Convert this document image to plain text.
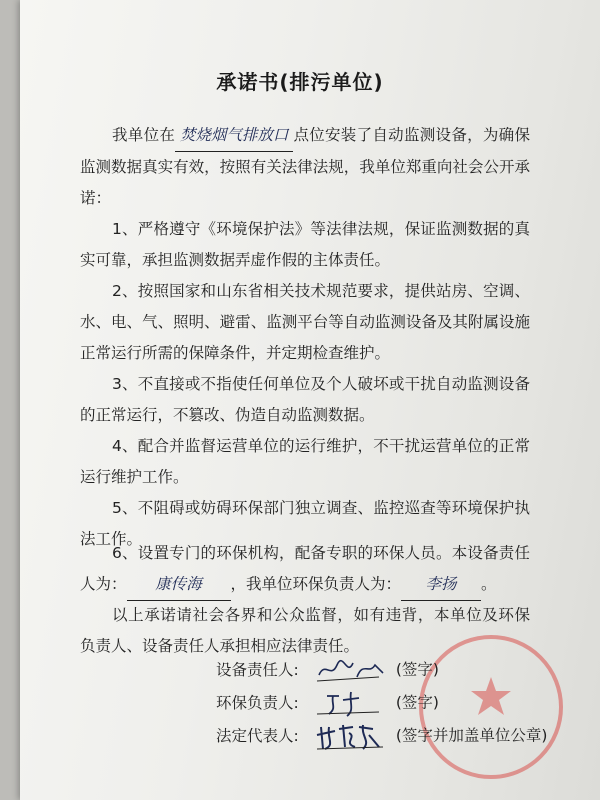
承诺书(排污单位)
我单位在 焚烧烟气排放口 点位安装了自动监测设备，为确保监测数据真实有效，按照有关法律法规，我单位郑重向社会公开承诺：
1、严格遵守《环境保护法》等法律法规，保证监测数据的真实可靠，承担监测数据弄虚作假的主体责任。
2、按照国家和山东省相关技术规范要求，提供站房、空调、水、电、气、照明、避雷、监测平台等自动监测设备及其附属设施正常运行所需的保障条件，并定期检查维护。
3、不直接或不指使任何单位及个人破坏或干扰自动监测设备的正常运行，不篡改、伪造自动监测数据。
4、配合并监督运营单位的运行维护，不干扰运营单位的正常运行维护工作。
5、不阻碍或妨碍环保部门独立调查、监控巡查等环境保护执法工作。
6、设置专门的环保机构，配备专职的环保人员。本设备责任人为： 康传海 ，我单位环保负责人为： 李扬 。
以上承诺请社会各界和公众监督，如有违背，本单位及环保负责人、设备责任人承担相应法律责任。
设备责任人:	(签字)
环保负责人:	(签字)
法定代表人:	(签字并加盖单位公章)
